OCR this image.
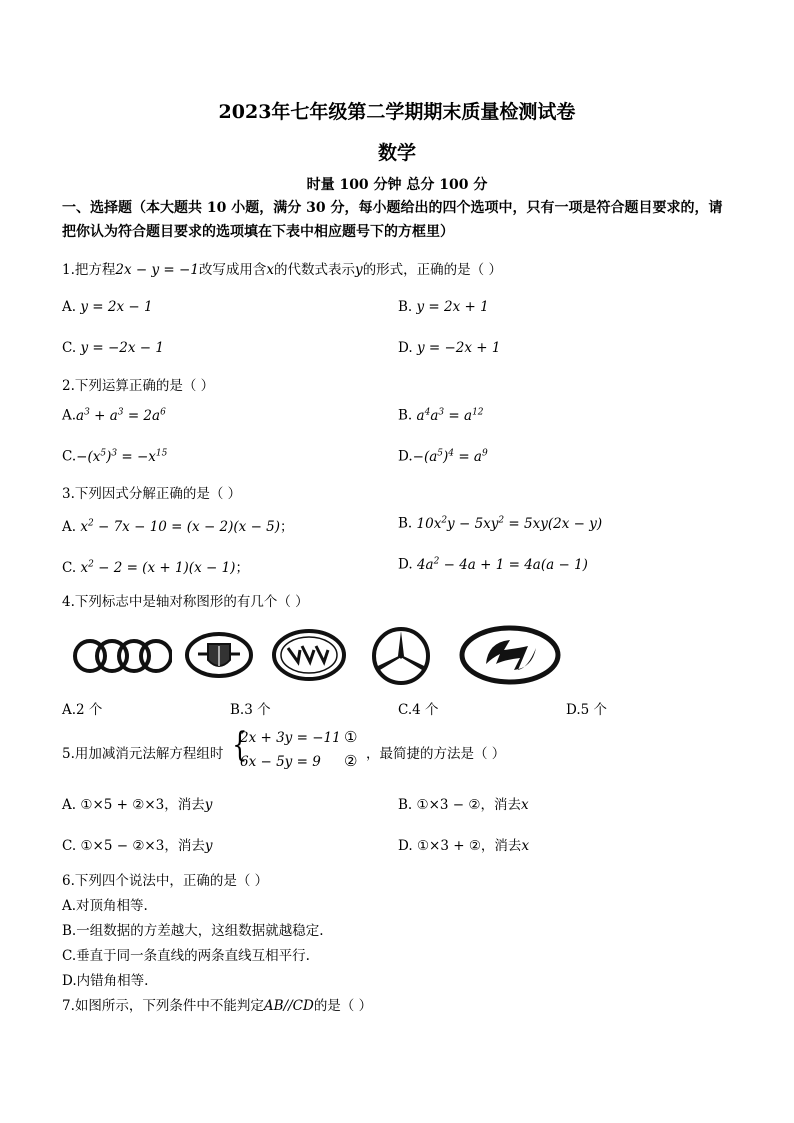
2023年七年级第二学期期末质量检测试卷
数学
时量 100 分钟 总分 100 分
一、选择题（本大题共 10 小题，满分 30 分，每小题给出的四个选项中，只有一项是符合题目要求的，请把你认为符合题目要求的选项填在下表中相应题号下的方框里）
1.把方程2x − y = −1改写成用含x的代数式表示y的形式，正确的是（ ）
A. y = 2x − 1	B. y = 2x + 1
C. y = −2x − 1	D. y = −2x + 1
2.下列运算正确的是（ ）
$A.a^3 + a^3 = 2a^6$	B. $a^4a^3 = a^{12}$
$C.-(x^5)^3 = -x^{15}$	$D.-(a^5)^4 = a^9$
3.下列因式分解正确的是（ ）
A. $x^2 - 7x - 10 = (x - 2)(x - 5)$；	B. $10x^2y - 5xy^2 = 5xy(2x - y)$
C. $x^2 - 2 = (x + 1)(x - 1)$；	D. $4a^2 - 4a + 1 = 4a(a - 1)$
4.下列标志中是轴对称图形的有几个（ ）
A.2 个	B.3 个	C.4 个	D.5 个
5.用加减消元法解方程组时 {
2x + 3y = −11
6x − 5y = 9
①
② ，最简捷的方法是（ ）
A. ①×5 + ②×3，消去y	B. ①×3 − ②，消去x
C. ①×5 − ②×3，消去y	D. ①×3 + ②，消去x
6.下列四个说法中，正确的是（ ）
A.对顶角相等.
B.一组数据的方差越大，这组数据就越稳定.
C.垂直于同一条直线的两条直线互相平行.
D.内错角相等.
7.如图所示，下列条件中不能判定AB//CD的是（ ）
